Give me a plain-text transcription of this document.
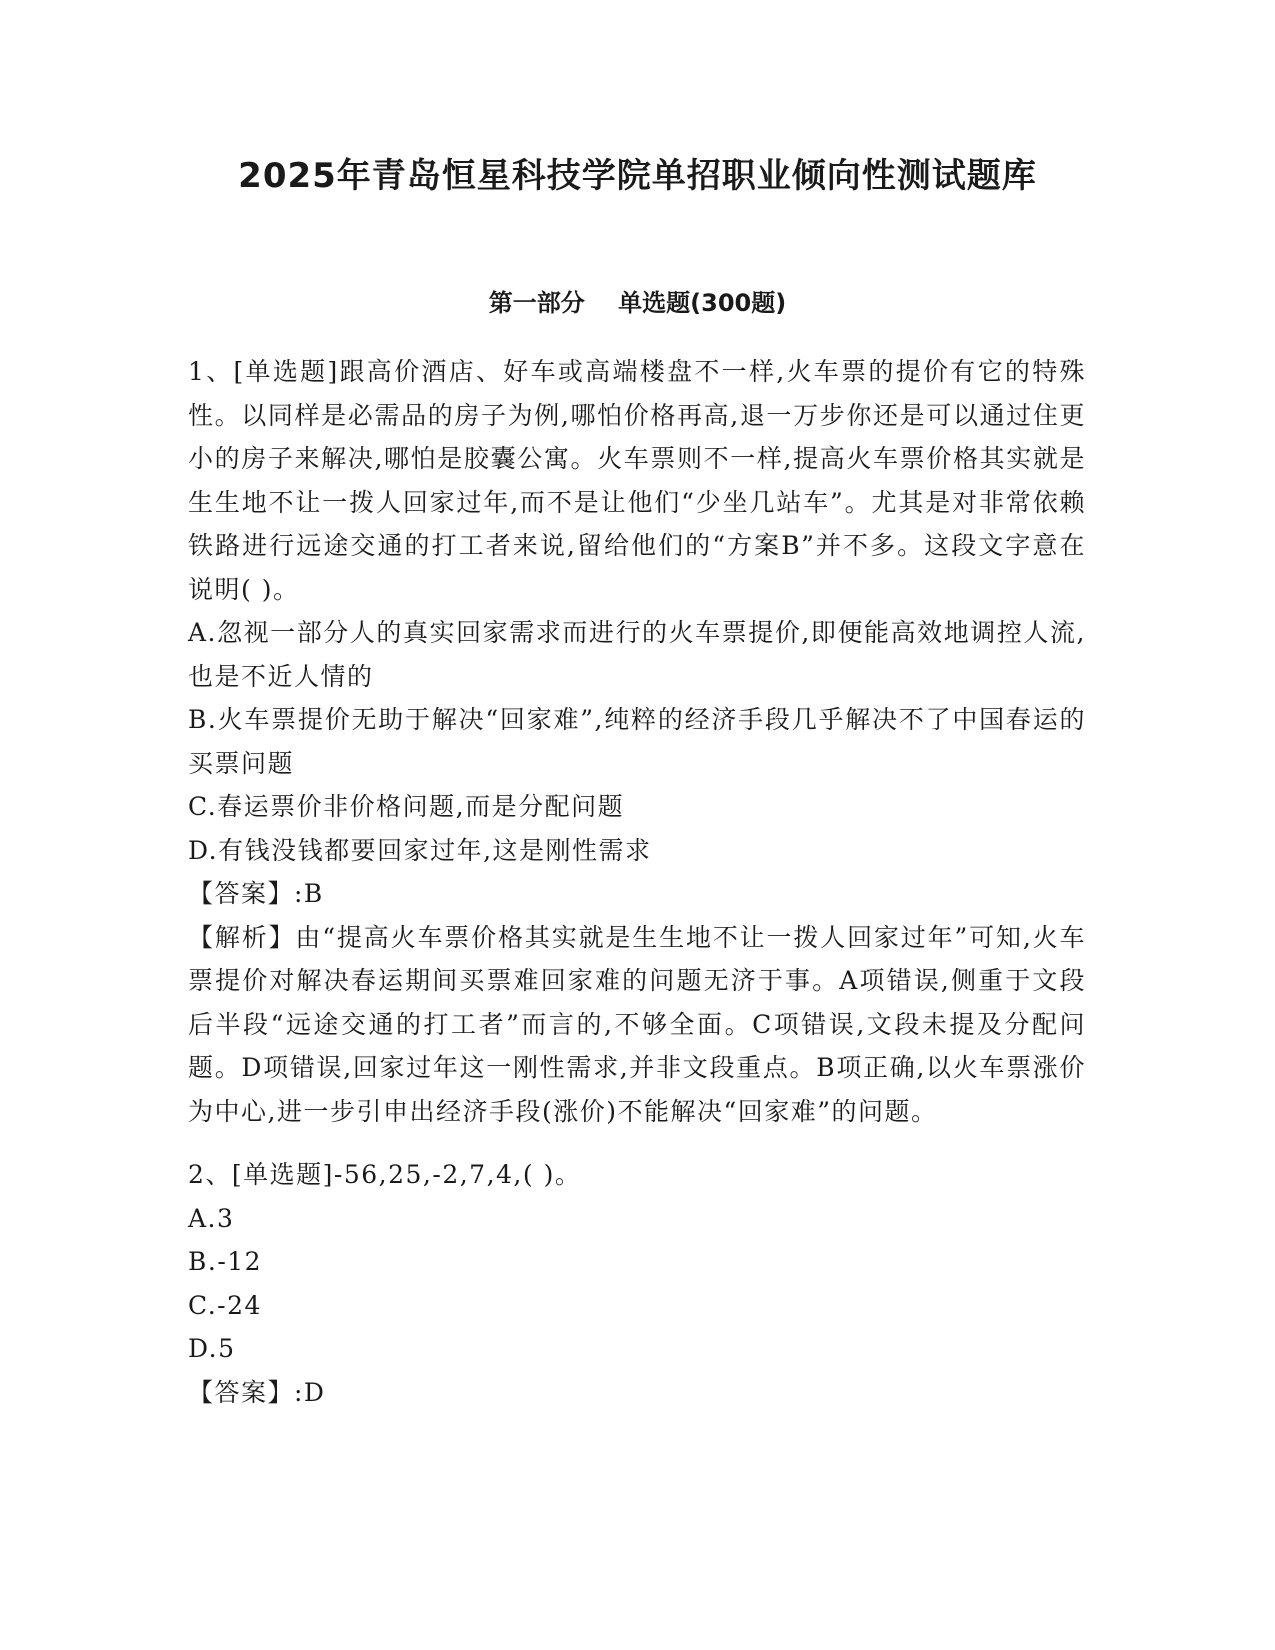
2025年青岛恒星科技学院单招职业倾向性测试题库
第一部分    单选题(300题)

1、[单选题]跟高价酒店、好车或高端楼盘不一样,火车票的提价有它的特殊性。以同样是必需品的房子为例,哪怕价格再高,退一万步你还是可以通过住更小的房子来解决,哪怕是胶囊公寓。火车票则不一样,提高火车票价格其实就是生生地不让一拨人回家过年,而不是让他们“少坐几站车”。尤其是对非常依赖铁路进行远途交通的打工者来说,留给他们的“方案B”并不多。这段文字意在说明( )。

A.忽视一部分人的真实回家需求而进行的火车票提价,即便能高效地调控人流,也是不近人情的

B.火车票提价无助于解决“回家难”,纯粹的经济手段几乎解决不了中国春运的买票问题

C.春运票价非价格问题,而是分配问题

D.有钱没钱都要回家过年,这是刚性需求

【答案】:B

【解析】由“提高火车票价格其实就是生生地不让一拨人回家过年”可知,火车票提价对解决春运期间买票难回家难的问题无济于事。A项错误,侧重于文段后半段“远途交通的打工者”而言的,不够全面。C项错误,文段未提及分配问题。D项错误,回家过年这一刚性需求,并非文段重点。B项正确,以火车票涨价为中心,进一步引申出经济手段(涨价)不能解决“回家难”的问题。

2、[单选题]-56,25,-2,7,4,( )。

A.3

B.-12

C.-24

D.5

【答案】:D
